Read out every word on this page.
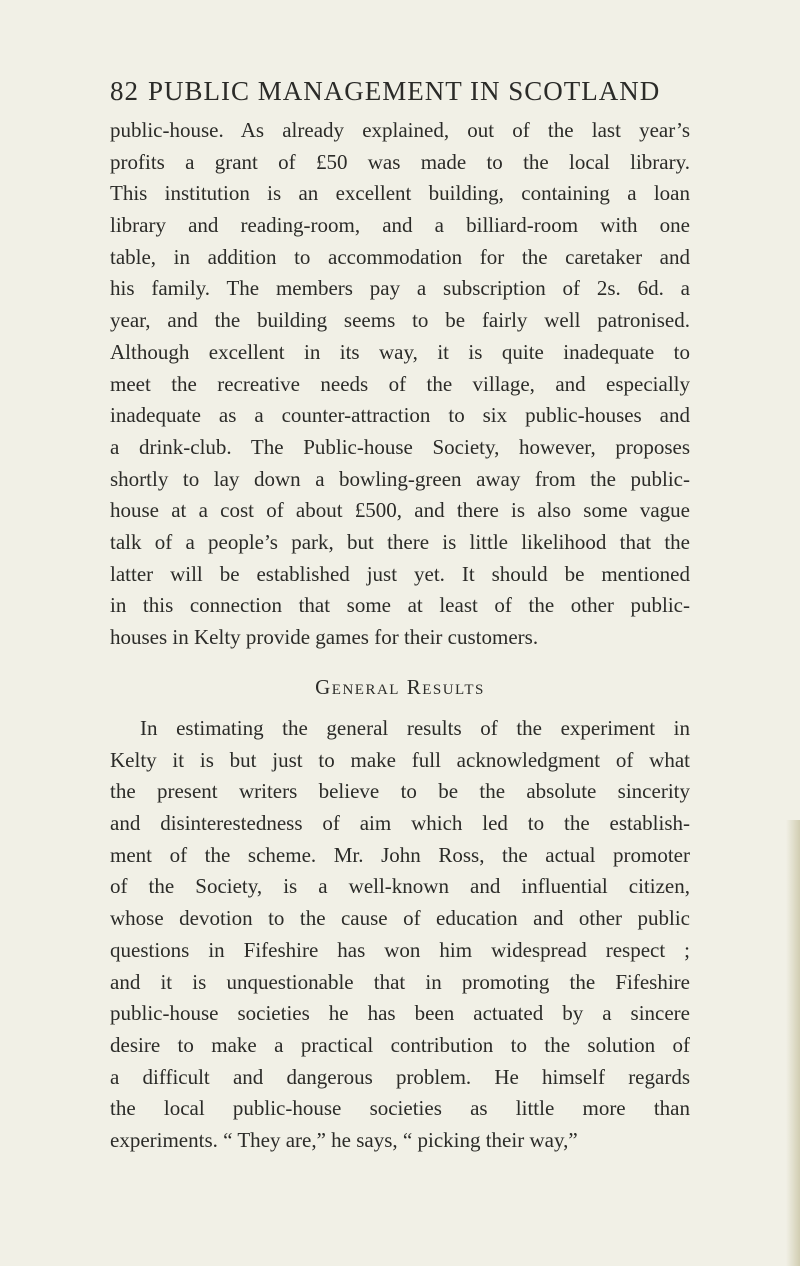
82 PUBLIC MANAGEMENT IN SCOTLAND
public-house. As already explained, out of the last year’s
profits a grant of £50 was made to the local library.
This institution is an excellent building, containing a loan
library and reading-room, and a billiard-room with one
table, in addition to accommodation for the caretaker and
his family. The members pay a subscription of 2s. 6d. a
year, and the building seems to be fairly well patronised.
Although excellent in its way, it is quite inadequate to
meet the recreative needs of the village, and especially
inadequate as a counter-attraction to six public-houses and
a drink-club. The Public-house Society, however, proposes
shortly to lay down a bowling-green away from the public-
house at a cost of about £500, and there is also some vague
talk of a people’s park, but there is little likelihood that the
latter will be established just yet. It should be mentioned
in this connection that some at least of the other public-
houses in Kelty provide games for their customers.
General Results
In estimating the general results of the experiment in
Kelty it is but just to make full acknowledgment of what
the present writers believe to be the absolute sincerity
and disinterestedness of aim which led to the establish-
ment of the scheme. Mr. John Ross, the actual promoter
of the Society, is a well-known and influential citizen,
whose devotion to the cause of education and other public
questions in Fifeshire has won him widespread respect ;
and it is unquestionable that in promoting the Fifeshire
public-house societies he has been actuated by a sincere
desire to make a practical contribution to the solution of
a difficult and dangerous problem. He himself regards
the local public-house societies as little more than
experiments. “ They are,” he says, “ picking their way,”
